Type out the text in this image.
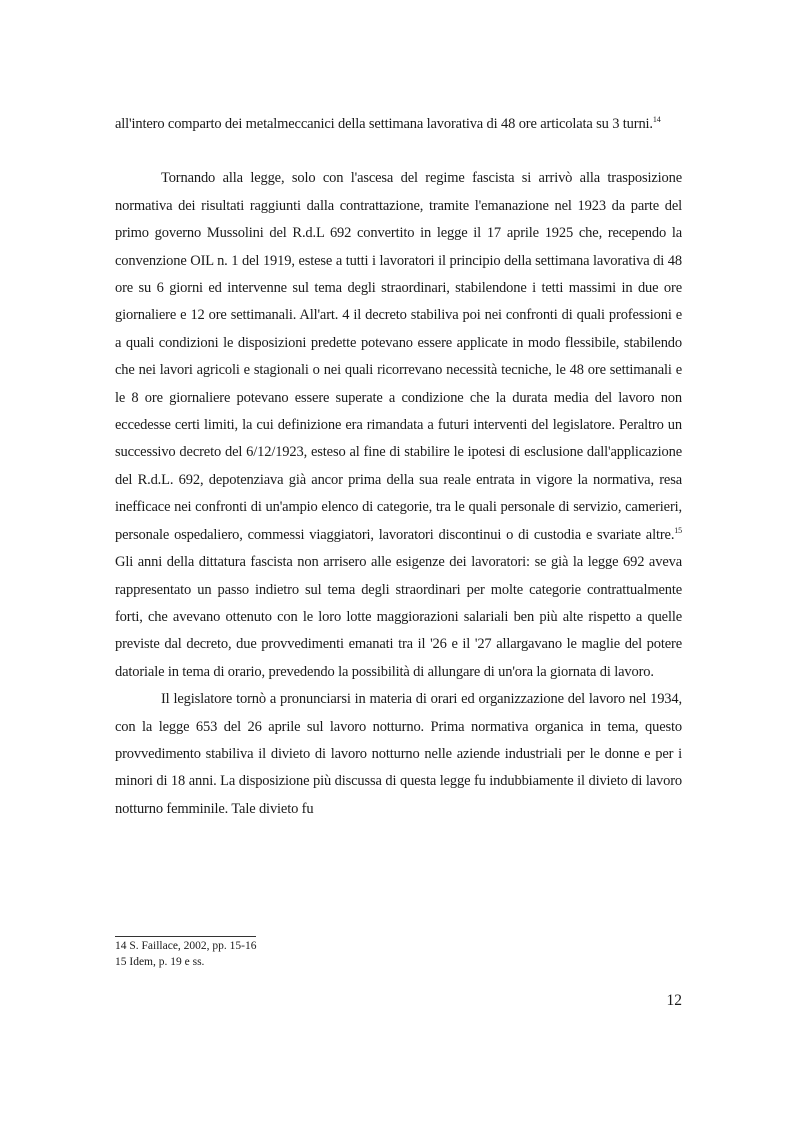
all'intero comparto dei metalmeccanici della settimana lavorativa di 48 ore articolata su 3 turni.$^{14}$

Tornando alla legge, solo con l'ascesa del regime fascista si arrivò alla trasposizione normativa dei risultati raggiunti dalla contrattazione, tramite l'emanazione nel 1923 da parte del primo governo Mussolini del R.d.L 692 convertito in legge il 17 aprile 1925 che, recependo la convenzione OIL n. 1 del 1919, estese a tutti i lavoratori il principio della settimana lavorativa di 48 ore su 6 giorni ed intervenne sul tema degli straordinari, stabilendone i tetti massimi in due ore giornaliere e 12 ore settimanali. All'art. 4 il decreto stabiliva poi nei confronti di quali professioni e a quali condizioni le disposizioni predette potevano essere applicate in modo flessibile, stabilendo che nei lavori agricoli e stagionali o nei quali ricorrevano necessità tecniche, le 48 ore settimanali e le 8 ore giornaliere potevano essere superate a condizione che la durata media del lavoro non eccedesse certi limiti, la cui definizione era rimandata a futuri interventi del legislatore. Peraltro un successivo decreto del 6/12/1923, esteso al fine di stabilire le ipotesi di esclusione dall'applicazione del R.d.L. 692, depotenziava già ancor prima della sua reale entrata in vigore la normativa, resa inefficace nei confronti di un'ampio elenco di categorie, tra le quali personale di servizio, camerieri, personale ospedaliero, commessi viaggiatori, lavoratori discontinui o di custodia e svariate altre.$^{15}$ Gli anni della dittatura fascista non arrisero alle esigenze dei lavoratori: se già la legge 692 aveva rappresentato un passo indietro sul tema degli straordinari per molte categorie contrattualmente forti, che avevano ottenuto con le loro lotte maggiorazioni salariali ben più alte rispetto a quelle previste dal decreto, due provvedimenti emanati tra il '26 e il '27 allargavano le maglie del potere datoriale in tema di orario, prevedendo la possibilità di allungare di un'ora la giornata di lavoro.

Il legislatore tornò a pronunciarsi in materia di orari ed organizzazione del lavoro nel 1934, con la legge 653 del 26 aprile sul lavoro notturno. Prima normativa organica in tema, questo provvedimento stabiliva il divieto di lavoro notturno nelle aziende industriali per le donne e per i minori di 18 anni. La disposizione più discussa di questa legge fu indubbiamente il divieto di lavoro notturno femminile. Tale divieto fu

14 S. Faillace, 2002, pp. 15-16
15 Idem, p. 19 e ss.
12
